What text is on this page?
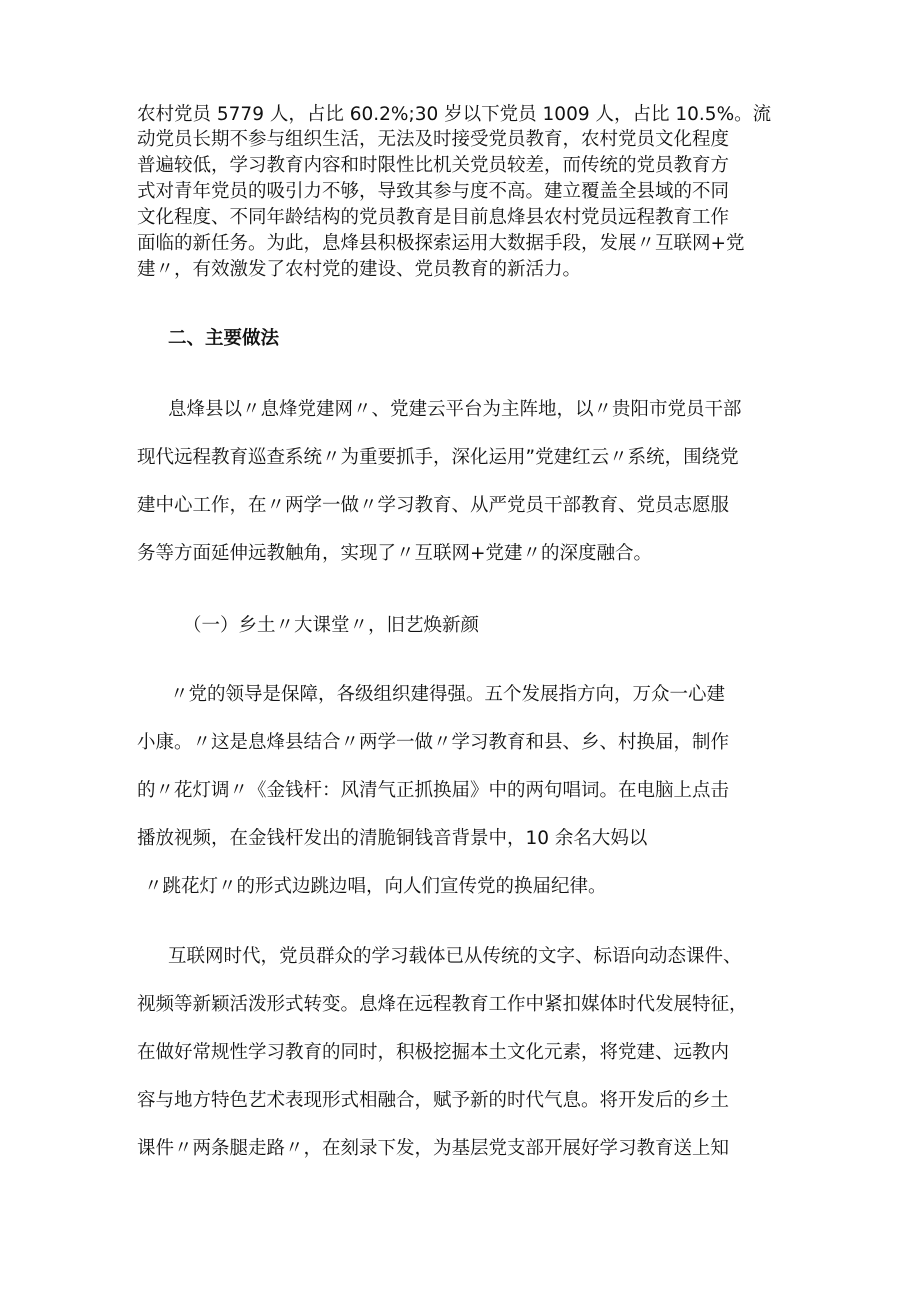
农村党员 5779 人，占比 60.2%;30 岁以下党员 1009 人，占比 10.5%。流
动党员长期不参与组织生活，无法及时接受党员教育，农村党员文化程度
普遍较低，学习教育内容和时限性比机关党员较差，而传统的党员教育方
式对青年党员的吸引力不够，导致其参与度不高。建立覆盖全县域的不同
文化程度、不同年龄结构的党员教育是目前息烽县农村党员远程教育工作
面临的新任务。为此，息烽县积极探索运用大数据手段，发展〃互联网+党
建〃，有效激发了农村党的建设、党员教育的新活力。
二、主要做法
息烽县以〃息烽党建网〃、党建云平台为主阵地，以〃贵阳市党员干部
现代远程教育巡查系统〃为重要抓手，深化运用”党建红云〃系统，围绕党
建中心工作，在〃两学一做〃学习教育、从严党员干部教育、党员志愿服
务等方面延伸远教触角，实现了〃互联网+党建〃的深度融合。
（一）乡土〃大课堂〃，旧艺焕新颜
〃党的领导是保障，各级组织建得强。五个发展指方向，万众一心建
小康。〃这是息烽县结合〃两学一做〃学习教育和县、乡、村换届，制作
的〃花灯调〃《金钱杆：风清气正抓换届》中的两句唱词。在电脑上点击
播放视频，在金钱杆发出的清脆铜钱音背景中，10 余名大妈以
〃跳花灯〃的形式边跳边唱，向人们宣传党的换届纪律。
互联网时代，党员群众的学习载体已从传统的文字、标语向动态课件、
视频等新颖活泼形式转变。息烽在远程教育工作中紧扣媒体时代发展特征，
在做好常规性学习教育的同时，积极挖掘本土文化元素，将党建、远教内
容与地方特色艺术表现形式相融合，赋予新的时代气息。将开发后的乡土
课件〃两条腿走路〃，在刻录下发，为基层党支部开展好学习教育送上知
